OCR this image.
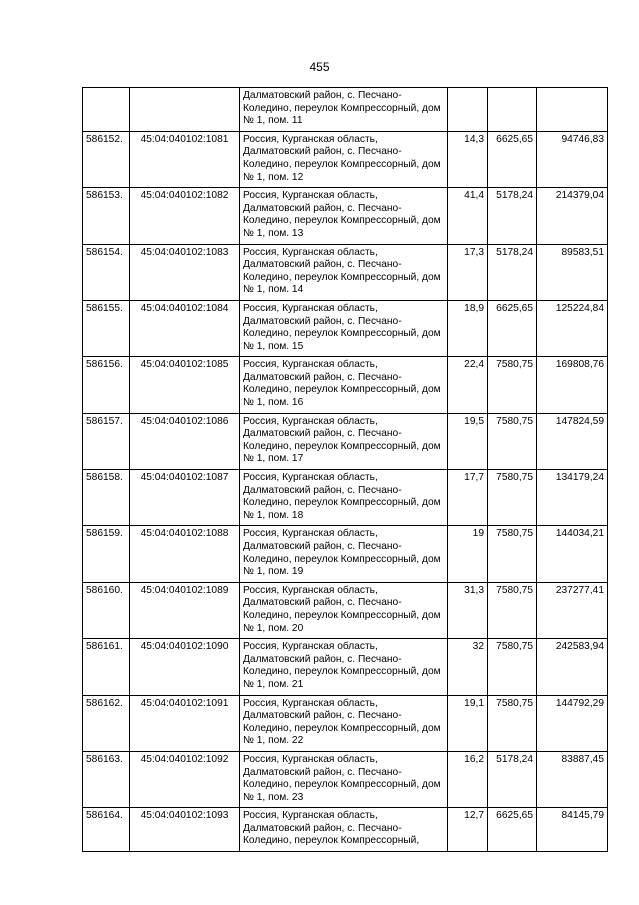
455
		Далматовский район, с. Песчано-Колединo, переулок Компрессорный, дом № 1, пом. 11			
586152.	45:04:040102:1081	Россия, Курганская область, Далматовский район, с. Песчано-Колединo, переулок Компрессорный, дом № 1, пом. 12	14,3	6625,65	94746,83
586153.	45:04:040102:1082	Россия, Курганская область, Далматовский район, с. Песчано-Колединo, переулок Компрессорный, дом № 1, пом. 13	41,4	5178,24	214379,04
586154.	45:04:040102:1083	Россия, Курганская область, Далматовский район, с. Песчано-Колединo, переулок Компрессорный, дом № 1, пом. 14	17,3	5178,24	89583,51
586155.	45:04:040102:1084	Россия, Курганская область, Далматовский район, с. Песчано-Колединo, переулок Компрессорный, дом № 1, пом. 15	18,9	6625,65	125224,84
586156.	45:04:040102:1085	Россия, Курганская область, Далматовский район, с. Песчано-Колединo, переулок Компрессорный, дом № 1, пом. 16	22,4	7580,75	169808,76
586157.	45:04:040102:1086	Россия, Курганская область, Далматовский район, с. Песчано-Колединo, переулок Компрессорный, дом № 1, пом. 17	19,5	7580,75	147824,59
586158.	45:04:040102:1087	Россия, Курганская область, Далматовский район, с. Песчано-Колединo, переулок Компрессорный, дом № 1, пом. 18	17,7	7580,75	134179,24
586159.	45:04:040102:1088	Россия, Курганская область, Далматовский район, с. Песчано-Колединo, переулок Компрессорный, дом № 1, пом. 19	19	7580,75	144034,21
586160.	45:04:040102:1089	Россия, Курганская область, Далматовский район, с. Песчано-Колединo, переулок Компрессорный, дом № 1, пом. 20	31,3	7580,75	237277,41
586161.	45:04:040102:1090	Россия, Курганская область, Далматовский район, с. Песчано-Колединo, переулок Компрессорный, дом № 1, пом. 21	32	7580,75	242583,94
586162.	45:04:040102:1091	Россия, Курганская область, Далматовский район, с. Песчано-Колединo, переулок Компрессорный, дом № 1, пом. 22	19,1	7580,75	144792,29
586163.	45:04:040102:1092	Россия, Курганская область, Далматовский район, с. Песчано-Колединo, переулок Компрессорный, дом № 1, пом. 23	16,2	5178,24	83887,45
586164.	45:04:040102:1093	Россия, Курганская область, Далматовский район, с. Песчано-Колединo, переулок Компрессорный,	12,7	6625,65	84145,79
